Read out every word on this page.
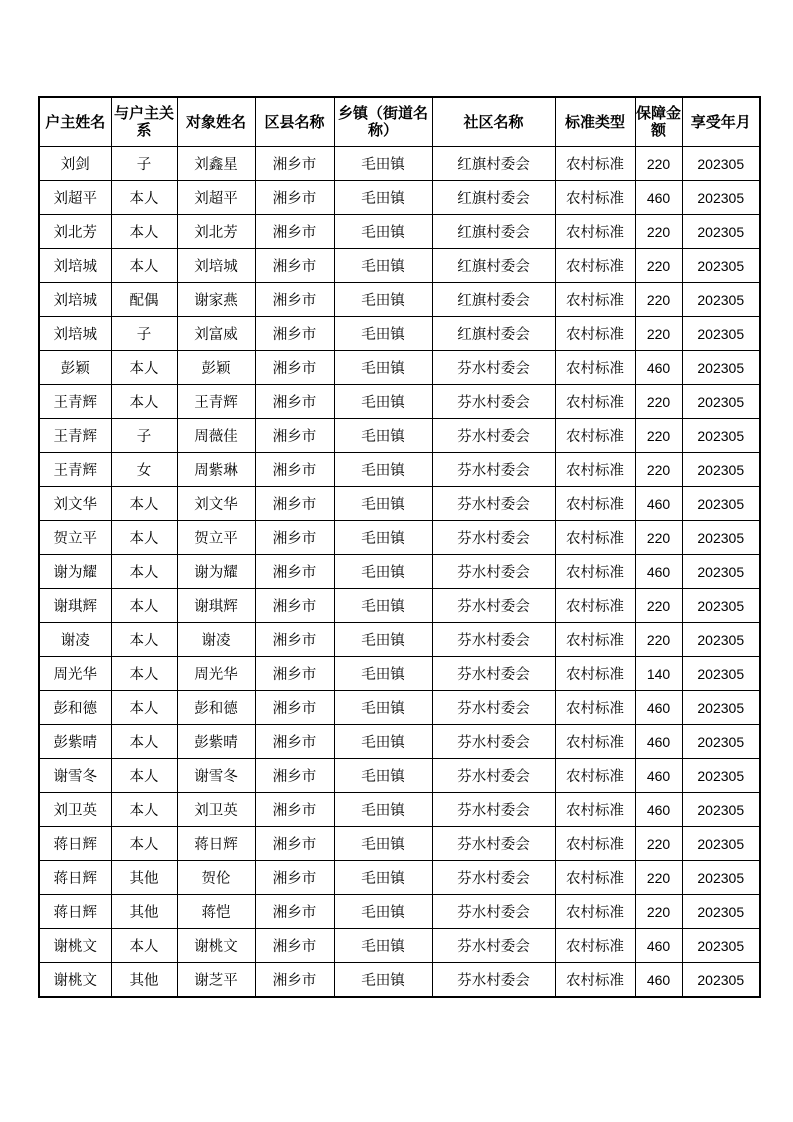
户主姓名	与户主关系	对象姓名	区县名称	乡镇（街道名称）	社区名称	标准类型	保障金额	享受年月
刘剑	子	刘鑫星	湘乡市	毛田镇	红旗村委会	农村标准	220	202305
刘超平	本人	刘超平	湘乡市	毛田镇	红旗村委会	农村标准	460	202305
刘北芳	本人	刘北芳	湘乡市	毛田镇	红旗村委会	农村标准	220	202305
刘培城	本人	刘培城	湘乡市	毛田镇	红旗村委会	农村标准	220	202305
刘培城	配偶	谢家燕	湘乡市	毛田镇	红旗村委会	农村标准	220	202305
刘培城	子	刘富威	湘乡市	毛田镇	红旗村委会	农村标准	220	202305
彭颖	本人	彭颖	湘乡市	毛田镇	芬水村委会	农村标准	460	202305
王青辉	本人	王青辉	湘乡市	毛田镇	芬水村委会	农村标准	220	202305
王青辉	子	周薇佳	湘乡市	毛田镇	芬水村委会	农村标准	220	202305
王青辉	女	周紫琳	湘乡市	毛田镇	芬水村委会	农村标准	220	202305
刘文华	本人	刘文华	湘乡市	毛田镇	芬水村委会	农村标准	460	202305
贺立平	本人	贺立平	湘乡市	毛田镇	芬水村委会	农村标准	220	202305
谢为耀	本人	谢为耀	湘乡市	毛田镇	芬水村委会	农村标准	460	202305
谢琪辉	本人	谢琪辉	湘乡市	毛田镇	芬水村委会	农村标准	220	202305
谢凌	本人	谢凌	湘乡市	毛田镇	芬水村委会	农村标准	220	202305
周光华	本人	周光华	湘乡市	毛田镇	芬水村委会	农村标准	140	202305
彭和德	本人	彭和德	湘乡市	毛田镇	芬水村委会	农村标准	460	202305
彭紫晴	本人	彭紫晴	湘乡市	毛田镇	芬水村委会	农村标准	460	202305
谢雪冬	本人	谢雪冬	湘乡市	毛田镇	芬水村委会	农村标准	460	202305
刘卫英	本人	刘卫英	湘乡市	毛田镇	芬水村委会	农村标准	460	202305
蒋日辉	本人	蒋日辉	湘乡市	毛田镇	芬水村委会	农村标准	220	202305
蒋日辉	其他	贺伦	湘乡市	毛田镇	芬水村委会	农村标准	220	202305
蒋日辉	其他	蒋恺	湘乡市	毛田镇	芬水村委会	农村标准	220	202305
谢桃文	本人	谢桃文	湘乡市	毛田镇	芬水村委会	农村标准	460	202305
谢桃文	其他	谢芝平	湘乡市	毛田镇	芬水村委会	农村标准	460	202305
